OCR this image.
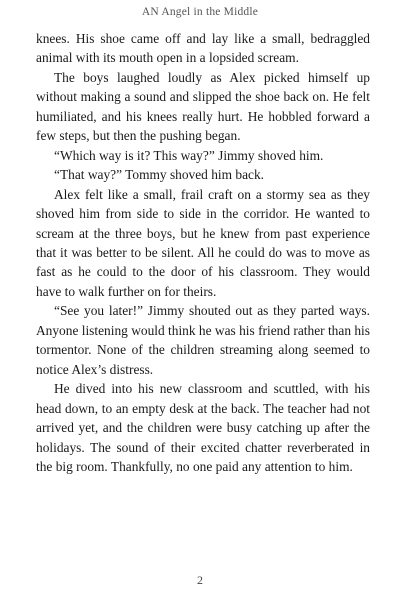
AN Angel in the Middle

knees. His shoe came off and lay like a small, bedraggled animal with its mouth open in a lopsided scream.

The boys laughed loudly as Alex picked himself up without making a sound and slipped the shoe back on. He felt humiliated, and his knees really hurt. He hobbled forward a few steps, but then the pushing began.

“Which way is it? This way?” Jimmy shoved him.

“That way?” Tommy shoved him back.

Alex felt like a small, frail craft on a stormy sea as they shoved him from side to side in the corridor. He wanted to scream at the three boys, but he knew from past experience that it was better to be silent. All he could do was to move as fast as he could to the door of his classroom. They would have to walk further on for theirs.

“See you later!” Jimmy shouted out as they parted ways. Anyone listening would think he was his friend rather than his tormentor. None of the children streaming along seemed to notice Alex’s distress.

He dived into his new classroom and scuttled, with his head down, to an empty desk at the back. The teacher had not arrived yet, and the children were busy catching up after the holidays. The sound of their excited chatter reverberated in the big room. Thankfully, no one paid any attention to him.

2
